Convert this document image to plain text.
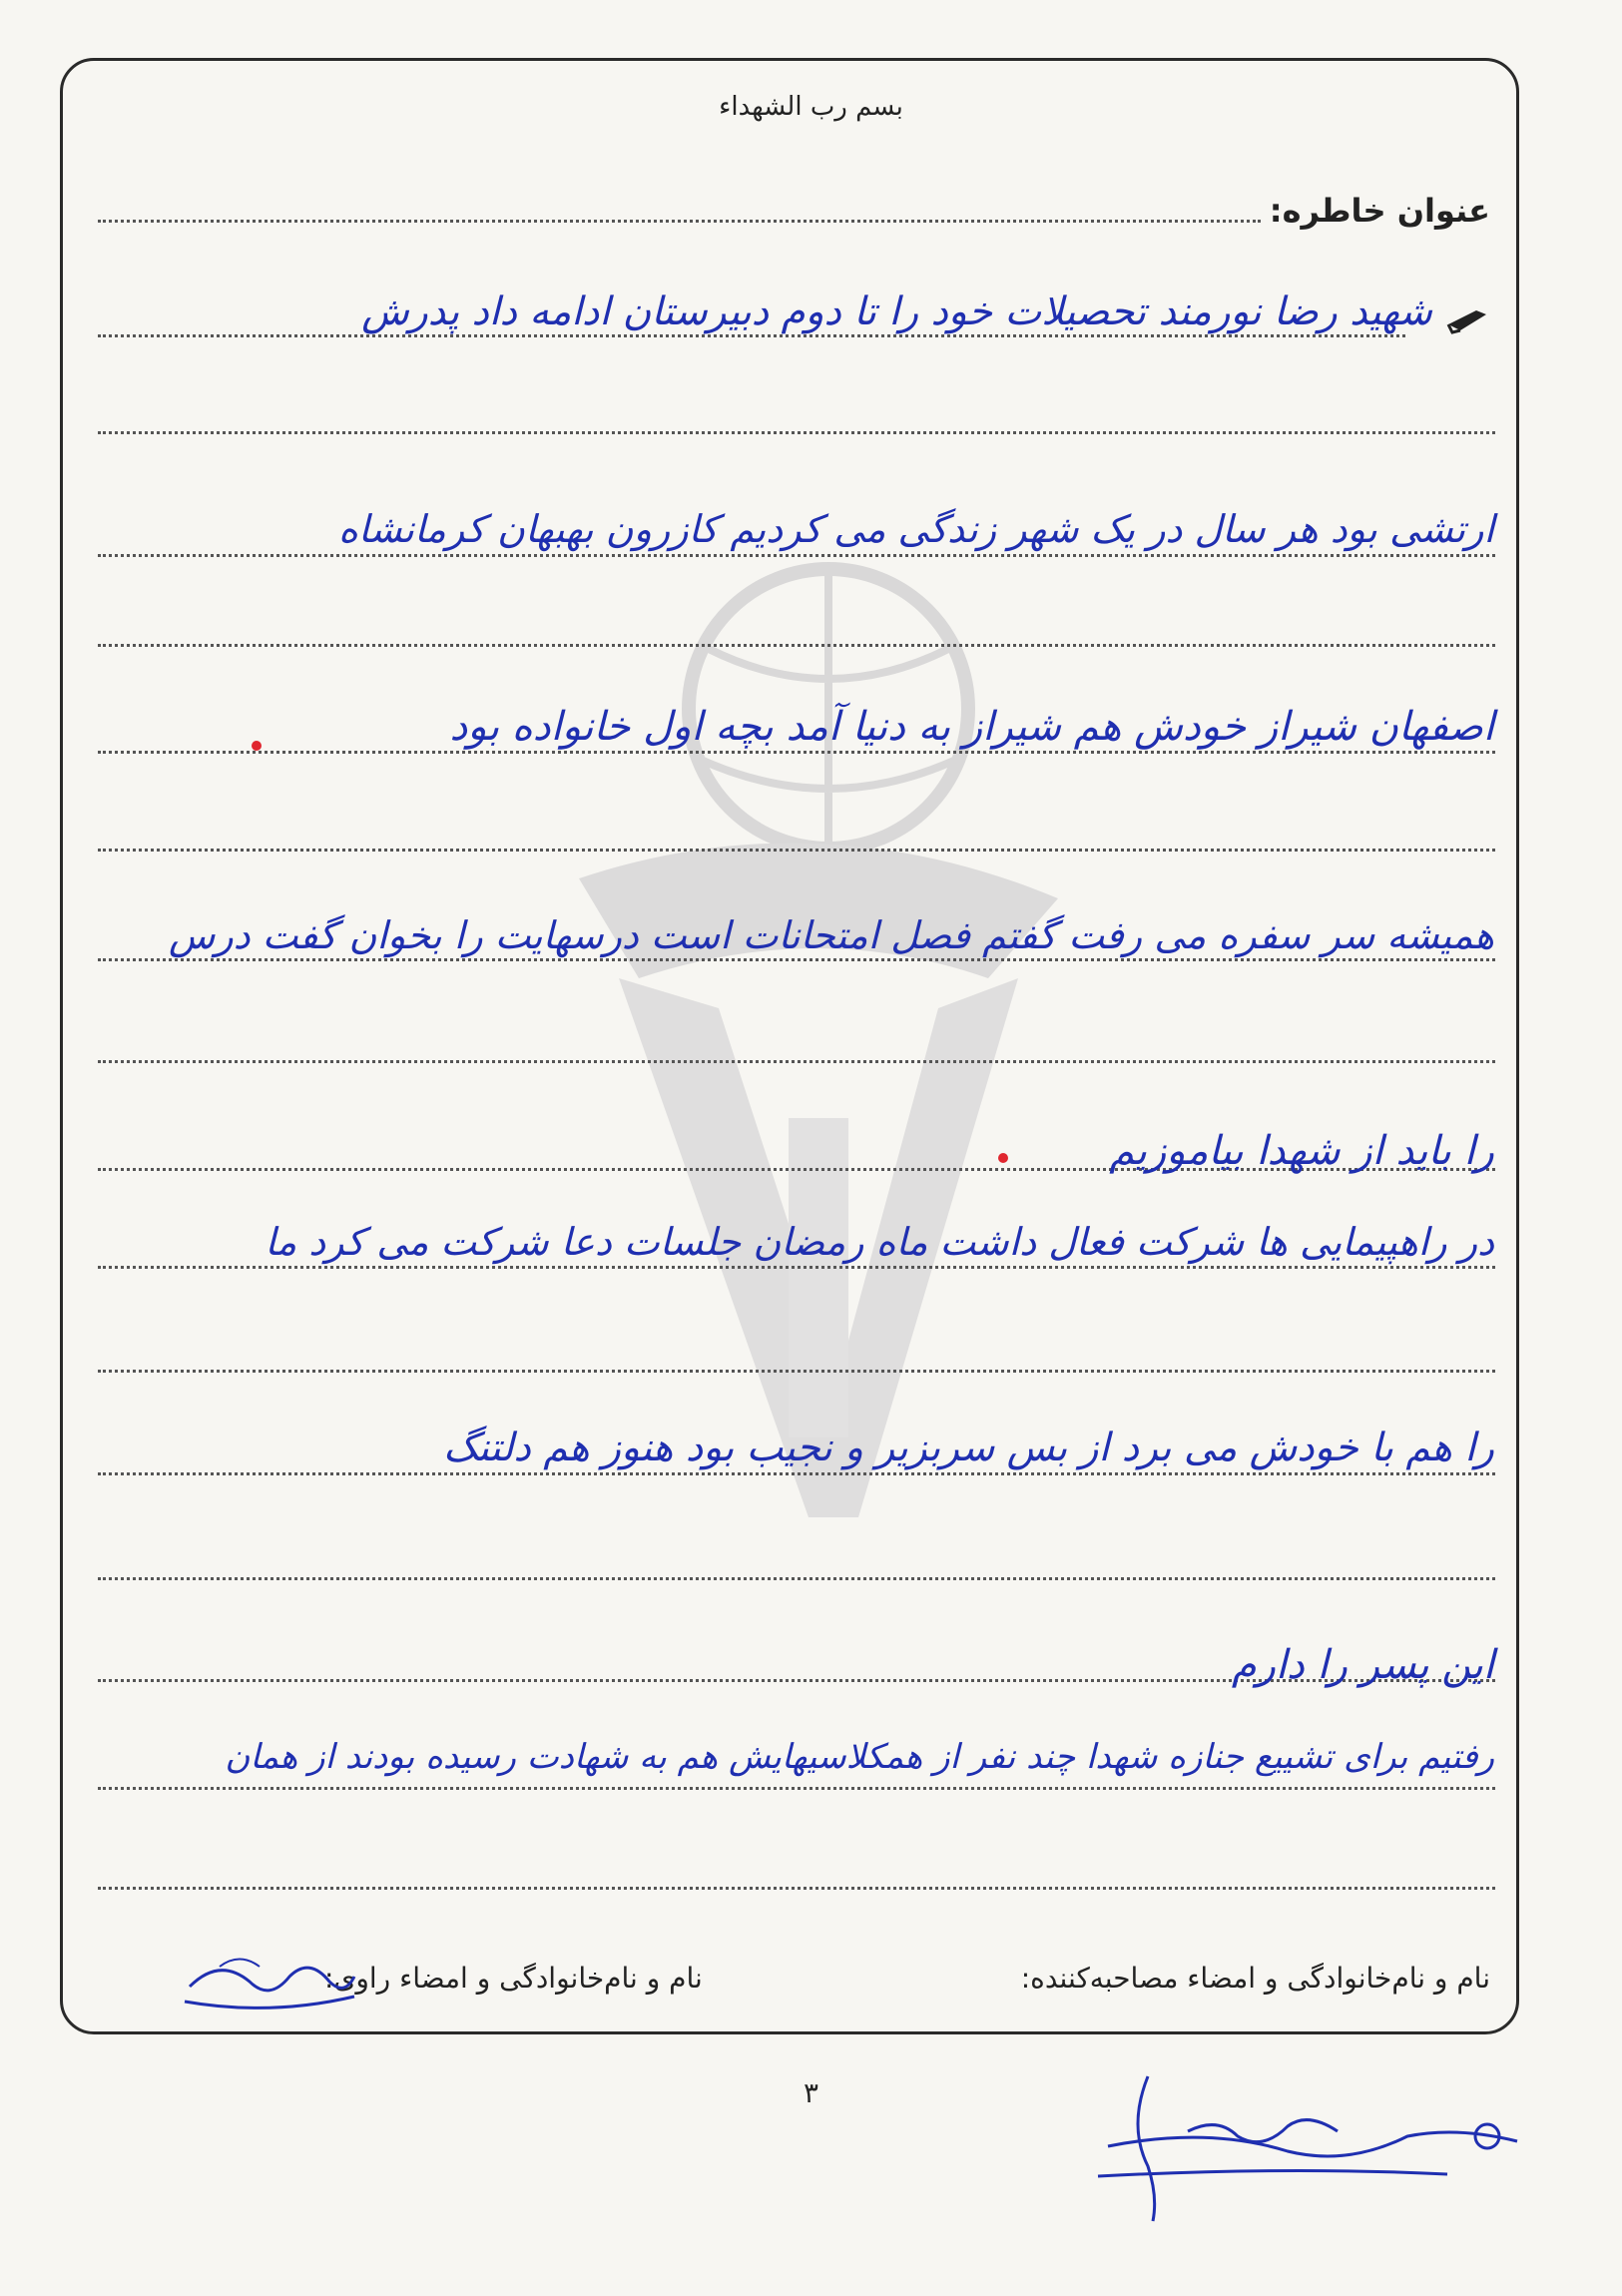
بسم رب الشهداء
عنوان خاطره:
شهید رضا نورمند تحصیلات خود را تا دوم دبیرستان ادامه داد پدرش
ارتشی بود هر سال در یک شهر زندگی می کردیم کازرون بهبهان کرمانشاه
اصفهان شیراز خودش هم شیراز به دنیا آمد بچه اول خانواده بود
همیشه سر سفره می رفت گفتم فصل امتحانات است درسهایت را بخوان گفت درس
را باید از شهدا بیاموزیم
در راهپیمایی ها شرکت فعال داشت ماه رمضان جلسات دعا شرکت می کرد ما
را هم با خودش می برد از بس سربزیر و نجیب بود هنوز هم دلتنگ
این پسر را دارم
رفتیم برای تشییع جنازه شهدا چند نفر از همکلاسیهایش هم به شهادت رسیده بودند از همان
نام و نام‌خانوادگی و امضاء مصاحبه‌کننده:
نام و نام‌خانوادگی و امضاء راوی:
۳
